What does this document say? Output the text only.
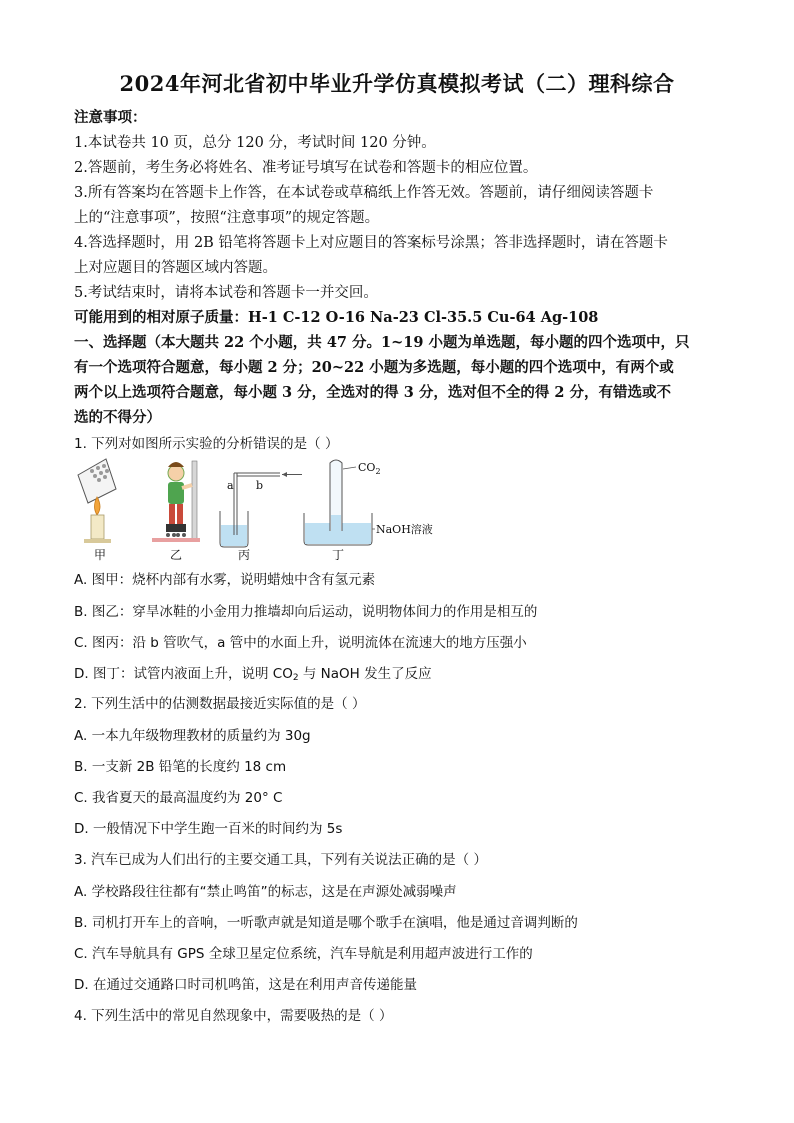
2024年河北省初中毕业升学仿真模拟考试（二）理科综合
注意事项：
1.本试卷共 10 页，总分 120 分，考试时间 120 分钟。
2.答题前，考生务必将姓名、准考证号填写在试卷和答题卡的相应位置。
3.所有答案均在答题卡上作答，在本试卷或草稿纸上作答无效。答题前，请仔细阅读答题卡
上的“注意事项”，按照“注意事项”的规定答题。
4.答选择题时，用 2B 铅笔将答题卡上对应题目的答案标号涂黑；答非选择题时，请在答题卡
上对应题目的答题区域内答题。
5.考试结束时，请将本试卷和答题卡一并交回。
可能用到的相对原子质量：H-1 C-12 O-16 Na-23 Cl-35.5 Cu-64 Ag-108
一、选择题（本大题共 22 个小题，共 47 分。1~19 小题为单选题，每小题的四个选项中，只
有一个选项符合题意，每小题 2 分；20~22 小题为多选题，每小题的四个选项中，有两个或
两个以上选项符合题意，每小题 3 分，全选对的得 3 分，选对但不全的得 2 分，有错选或不
选的不得分）
1. 下列对如图所示实验的分析错误的是（ ）
甲	乙
a b
丙
$CO_2$
NaOH溶液
丁
A. 图甲：烧杯内部有水雾，说明蜡烛中含有氢元素
B. 图乙：穿旱冰鞋的小金用力推墙却向后运动，说明物体间力的作用是相互的
C. 图丙：沿 b 管吹气，a 管中的水面上升，说明流体在流速大的地方压强小
D. 图丁：试管内液面上升，说明 $CO_2$ 与 NaOH 发生了反应
2. 下列生活中的估测数据最接近实际值的是（ ）
A. 一本九年级物理教材的质量约为 30g
B. 一支新 2B 铅笔的长度约 18 cm
C. 我省夏天的最高温度约为 20° C
D. 一般情况下中学生跑一百米的时间约为 5s
3. 汽车已成为人们出行的主要交通工具，下列有关说法正确的是（ ）
A. 学校路段往往都有“禁止鸣笛”的标志，这是在声源处减弱噪声
B. 司机打开车上的音响，一听歌声就是知道是哪个歌手在演唱，他是通过音调判断的
C. 汽车导航具有 GPS 全球卫星定位系统，汽车导航是利用超声波进行工作的
D. 在通过交通路口时司机鸣笛，这是在利用声音传递能量
4. 下列生活中的常见自然现象中，需要吸热的是（ ）
